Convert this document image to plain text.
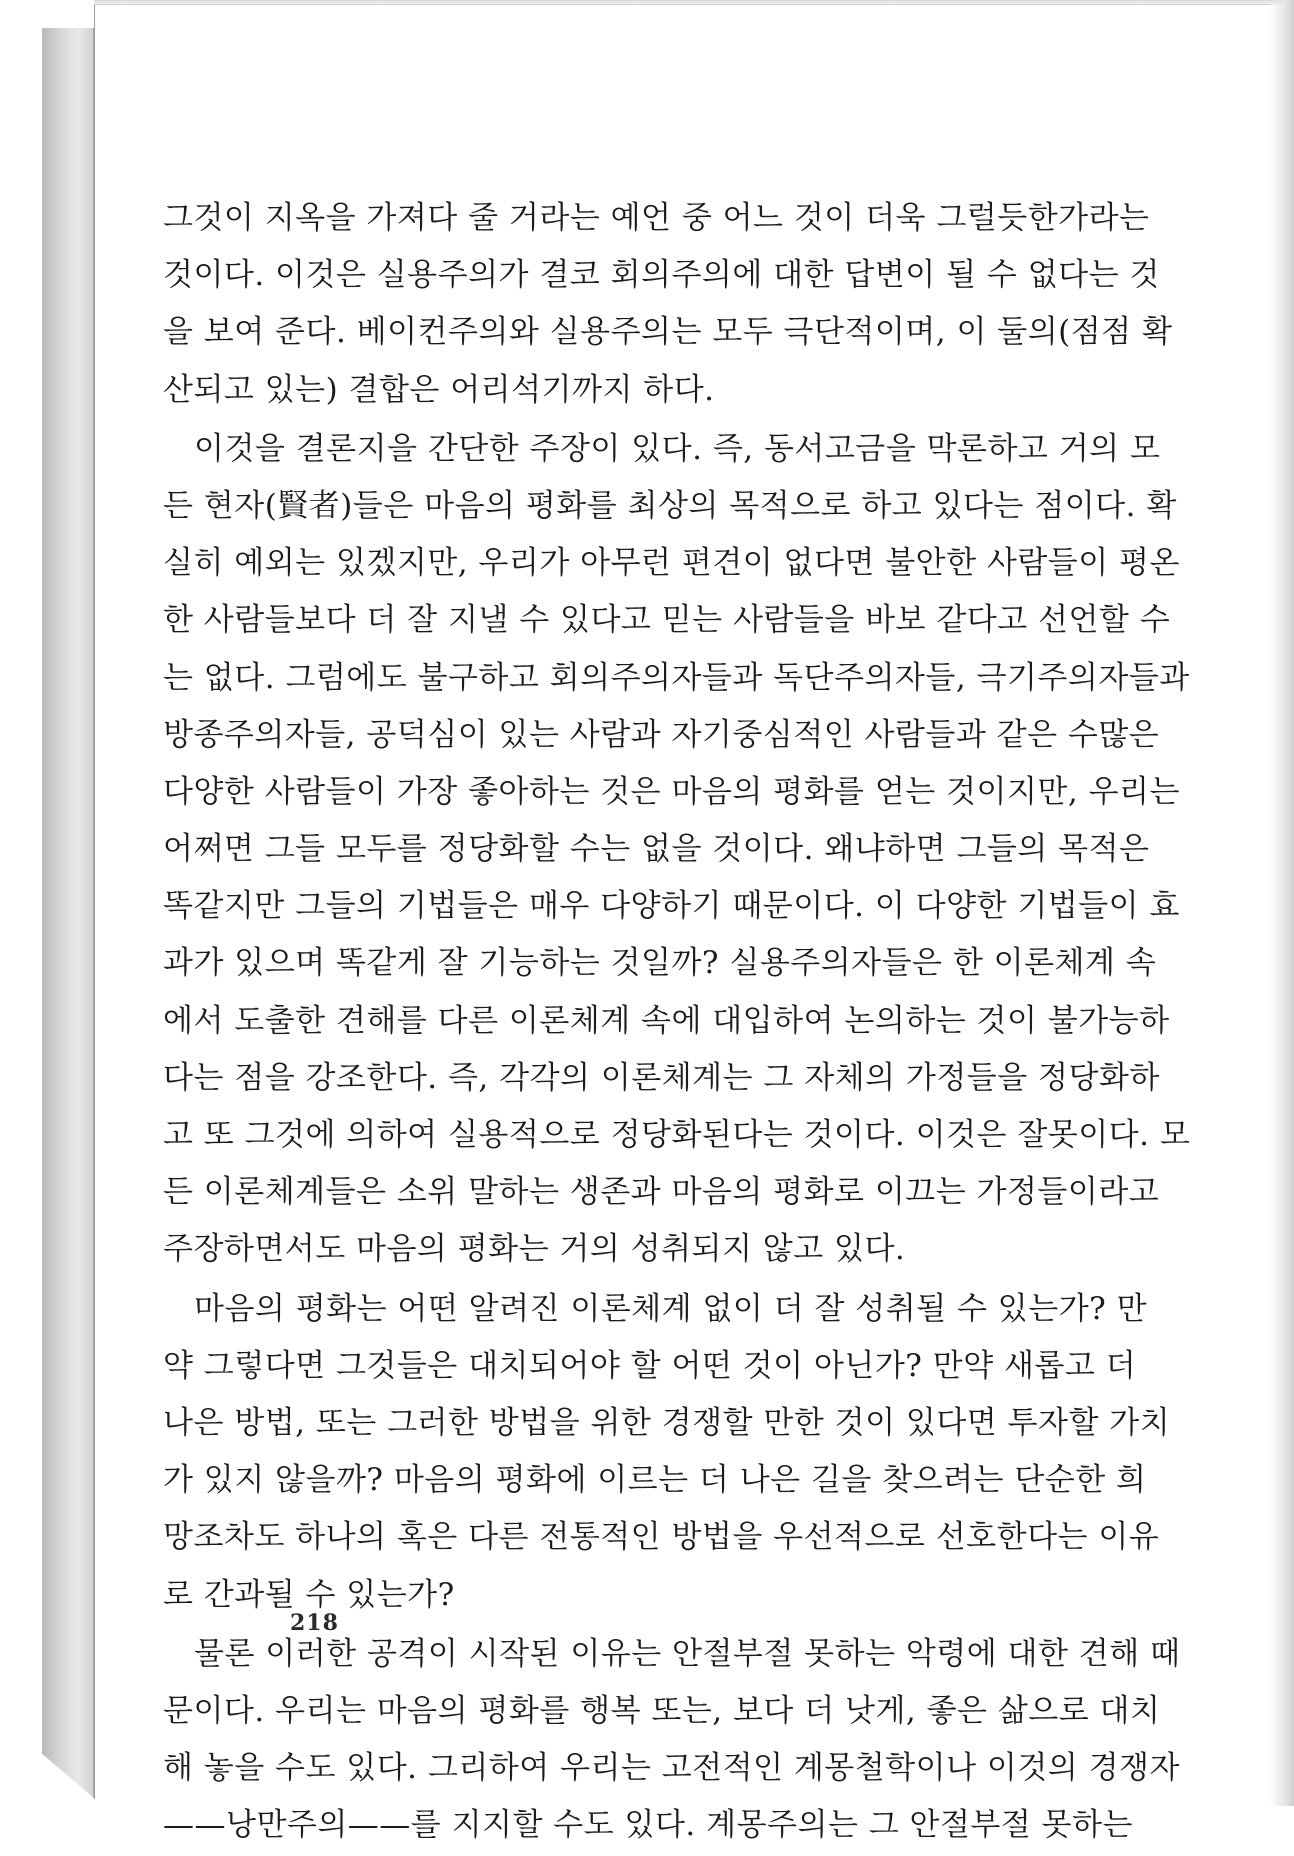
그것이 지옥을 가져다 줄 거라는 예언 중 어느 것이 더욱 그럴듯한가라는
것이다. 이것은 실용주의가 결코 회의주의에 대한 답변이 될 수 없다는 것
을 보여 준다. 베이컨주의와 실용주의는 모두 극단적이며, 이 둘의(점점 확
산되고 있는) 결합은 어리석기까지 하다.
이것을 결론지을 간단한 주장이 있다. 즉, 동서고금을 막론하고 거의 모
든 현자(賢者)들은 마음의 평화를 최상의 목적으로 하고 있다는 점이다. 확
실히 예외는 있겠지만, 우리가 아무런 편견이 없다면 불안한 사람들이 평온
한 사람들보다 더 잘 지낼 수 있다고 믿는 사람들을 바보 같다고 선언할 수
는 없다. 그럼에도 불구하고 회의주의자들과 독단주의자들, 극기주의자들과
방종주의자들, 공덕심이 있는 사람과 자기중심적인 사람들과 같은 수많은
다양한 사람들이 가장 좋아하는 것은 마음의 평화를 얻는 것이지만, 우리는
어쩌면 그들 모두를 정당화할 수는 없을 것이다. 왜냐하면 그들의 목적은
똑같지만 그들의 기법들은 매우 다양하기 때문이다. 이 다양한 기법들이 효
과가 있으며 똑같게 잘 기능하는 것일까? 실용주의자들은 한 이론체계 속
에서 도출한 견해를 다른 이론체계 속에 대입하여 논의하는 것이 불가능하
다는 점을 강조한다. 즉, 각각의 이론체계는 그 자체의 가정들을 정당화하
고 또 그것에 의하여 실용적으로 정당화된다는 것이다. 이것은 잘못이다. 모
든 이론체계들은 소위 말하는 생존과 마음의 평화로 이끄는 가정들이라고
주장하면서도 마음의 평화는 거의 성취되지 않고 있다.
마음의 평화는 어떤 알려진 이론체계 없이 더 잘 성취될 수 있는가? 만
약 그렇다면 그것들은 대치되어야 할 어떤 것이 아닌가? 만약 새롭고 더
나은 방법, 또는 그러한 방법을 위한 경쟁할 만한 것이 있다면 투자할 가치
가 있지 않을까? 마음의 평화에 이르는 더 나은 길을 찾으려는 단순한 희
망조차도 하나의 혹은 다른 전통적인 방법을 우선적으로 선호한다는 이유
로 간과될 수 있는가?
물론 이러한 공격이 시작된 이유는 안절부절 못하는 악령에 대한 견해 때
문이다. 우리는 마음의 평화를 행복 또는, 보다 더 낫게, 좋은 삶으로 대치
해 놓을 수도 있다. 그리하여 우리는 고전적인 계몽철학이나 이것의 경쟁자
——낭만주의——를 지지할 수도 있다. 계몽주의는 그 안절부절 못하는
218
